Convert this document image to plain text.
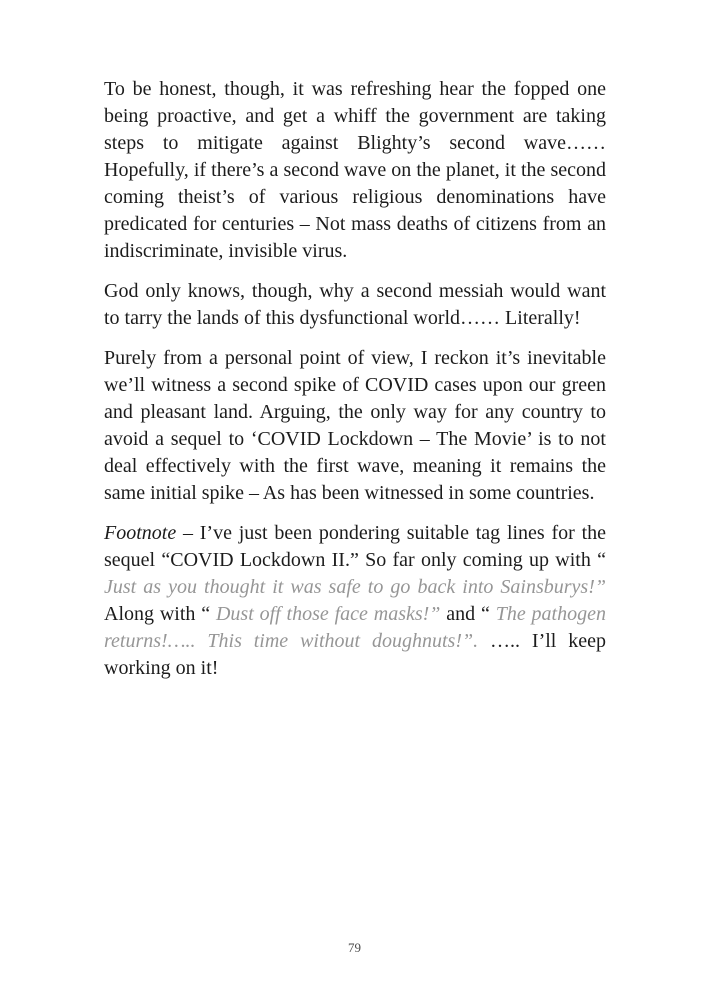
To be honest, though, it was refreshing hear the fopped one being proactive, and get a whiff the government are taking steps to mitigate against Blighty’s second wave…… Hopefully, if there’s a second wave on the planet, it the second coming theist’s of various religious denominations have predicated for centuries – Not mass deaths of citizens from an indiscriminate, invisible virus.

God only knows, though, why a second messiah would want to tarry the lands of this dysfunctional world…… Literally!

Purely from a personal point of view, I reckon it’s inevitable we’ll witness a second spike of COVID cases upon our green and pleasant land. Arguing, the only way for any country to avoid a sequel to ‘COVID Lockdown – The Movie’ is to not deal effectively with the first wave, meaning it remains the same initial spike – As has been witnessed in some countries.

Footnote – I’ve just been pondering suitable tag lines for the sequel “COVID Lockdown II.” So far only coming up with “ Just as you thought it was safe to go back into Sainsburys!” Along with “ Dust off those face masks!” and “ The pathogen returns!….. This time without doughnuts!”. ….. I’ll keep working on it!

79
